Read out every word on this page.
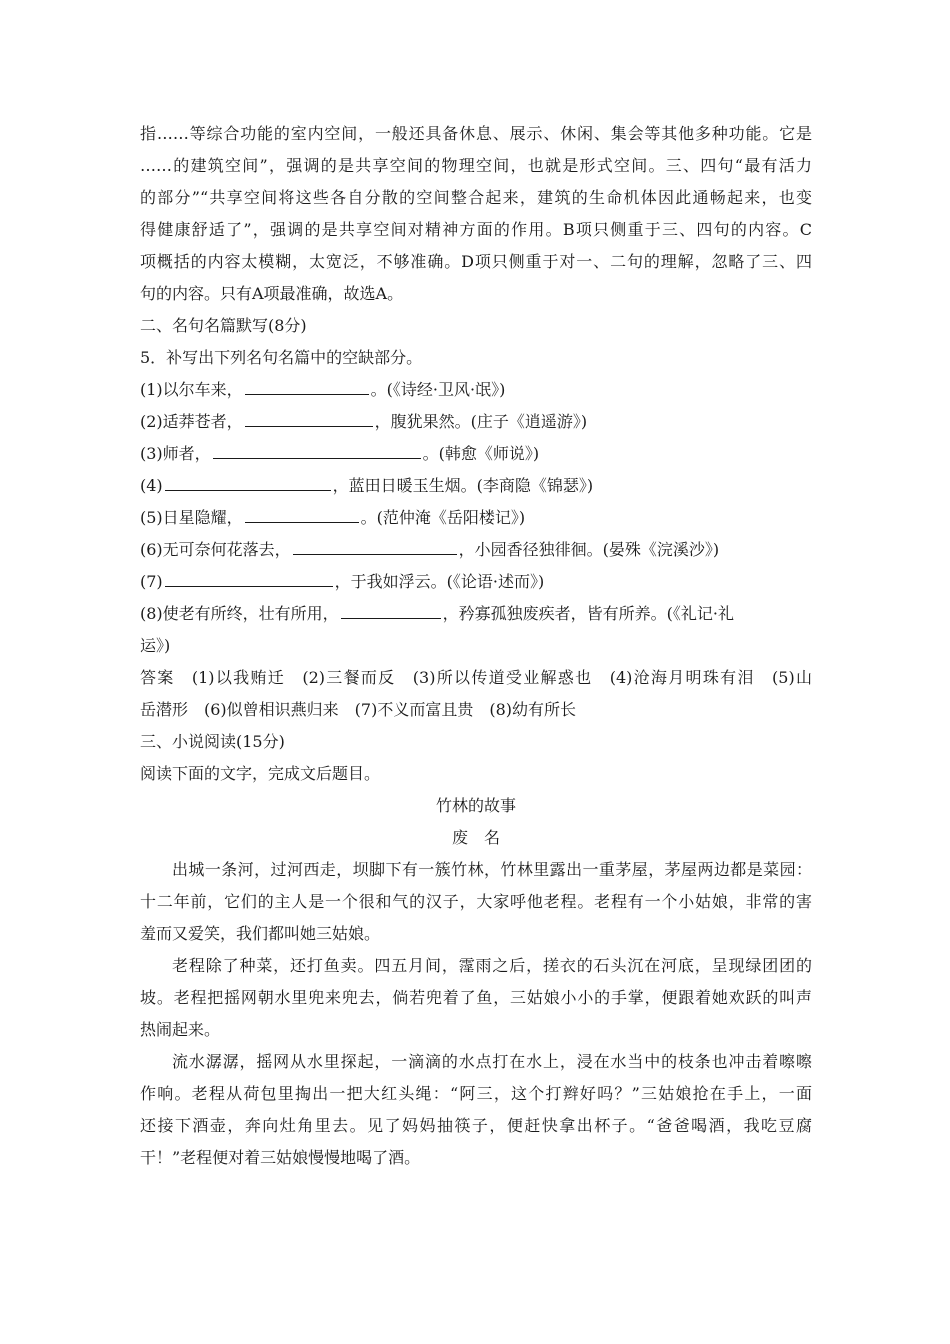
指……等综合功能的室内空间，一般还具备休息、展示、休闲、集会等其他多种功能。它是
……的建筑空间”，强调的是共享空间的物理空间，也就是形式空间。三、四句“最有活力
的部分”“共享空间将这些各自分散的空间整合起来，建筑的生命机体因此通畅起来，也变
得健康舒适了”，强调的是共享空间对精神方面的作用。B项只侧重于三、四句的内容。C
项概括的内容太模糊，太宽泛，不够准确。D项只侧重于对一、二句的理解，忽略了三、四
句的内容。只有A项最准确，故选A。
二、名句名篇默写(8分)
5．补写出下列名句名篇中的空缺部分。
(1)以尔车来，	。(《诗经·卫风·氓》)
(2)适莽苍者，	，腹犹果然。(庄子《逍遥游》)
(3)师者，	。(韩愈《师说》)
(4)	，蓝田日暖玉生烟。(李商隐《锦瑟》)
(5)日星隐耀，	。(范仲淹《岳阳楼记》)
(6)无可奈何花落去，	，小园香径独徘徊。(晏殊《浣溪沙》)
(7)	，于我如浮云。(《论语·述而》)
(8)使老有所终，壮有所用，	，矜寡孤独废疾者，皆有所养。(《礼记·礼
运》)
答案　(1)以我贿迁　(2)三餐而反　(3)所以传道受业解惑也　(4)沧海月明珠有泪　(5)山
岳潜形　(6)似曾相识燕归来　(7)不义而富且贵　(8)幼有所长
三、小说阅读(15分)
阅读下面的文字，完成文后题目。
竹林的故事
废　名
出城一条河，过河西走，坝脚下有一簇竹林，竹林里露出一重茅屋，茅屋两边都是菜园：
十二年前，它们的主人是一个很和气的汉子，大家呼他老程。老程有一个小姑娘，非常的害
羞而又爱笑，我们都叫她三姑娘。
老程除了种菜，还打鱼卖。四五月间，霪雨之后，搓衣的石头沉在河底，呈现绿团团的
坡。老程把摇网朝水里兜来兜去，倘若兜着了鱼，三姑娘小小的手掌，便跟着她欢跃的叫声
热闹起来。
流水潺潺，摇网从水里探起，一滴滴的水点打在水上，浸在水当中的枝条也冲击着嚓嚓
作响。老程从荷包里掏出一把大红头绳：“阿三，这个打辫好吗？”三姑娘抢在手上，一面
还接下酒壶，奔向灶角里去。见了妈妈抽筷子，便赶快拿出杯子。“爸爸喝酒，我吃豆腐
干！”老程便对着三姑娘慢慢地喝了酒。
